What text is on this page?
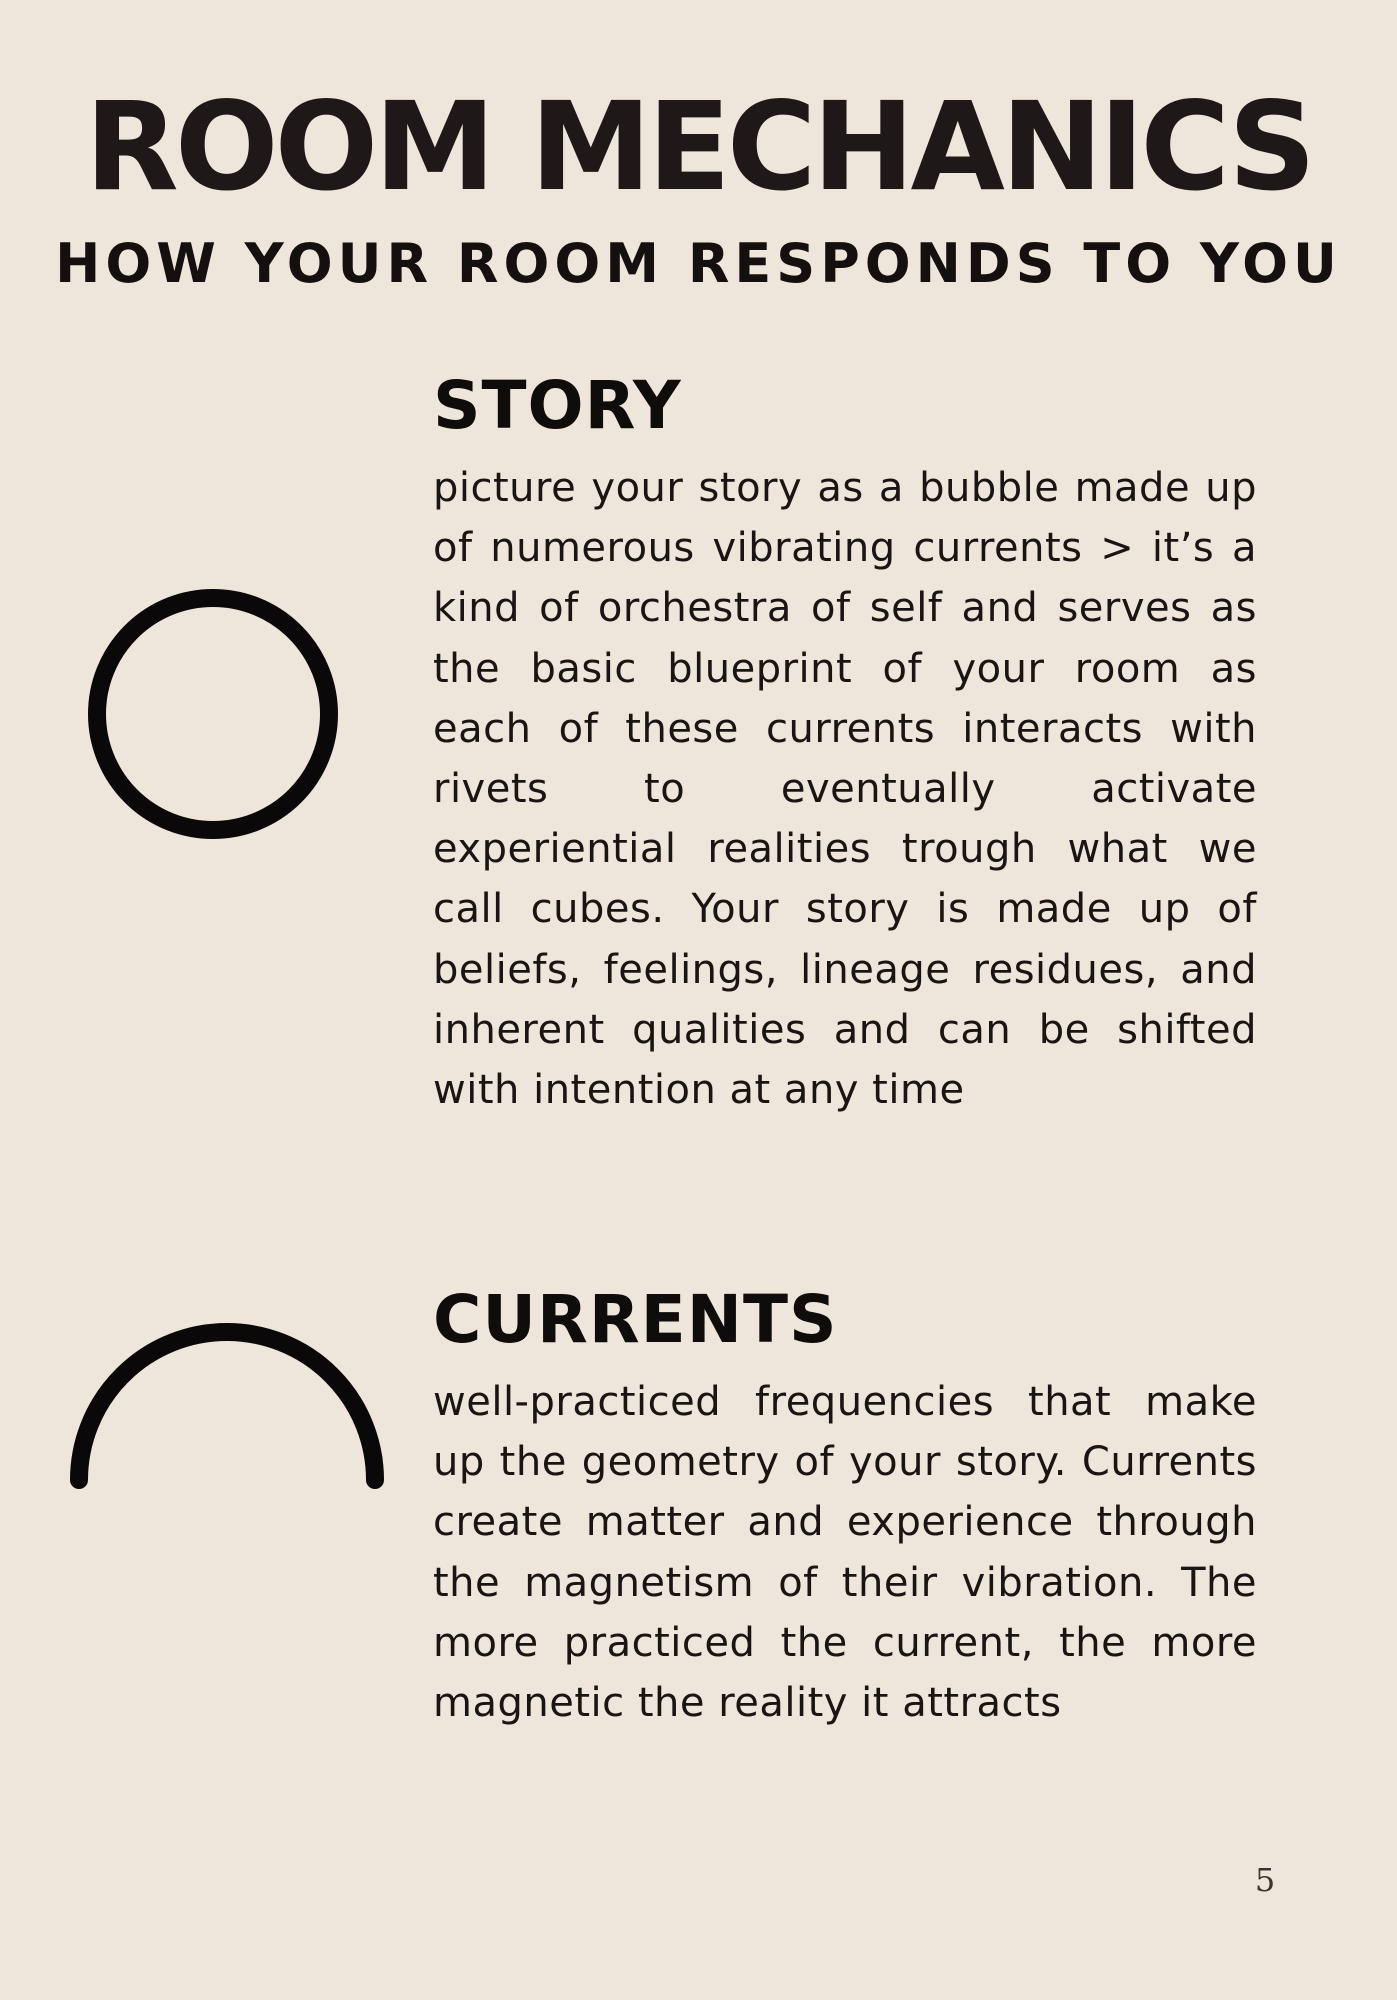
ROOM MECHANICS
HOW YOUR ROOM RESPONDS TO YOU
STORY

picture your story as a bubble made up of numerous vibrating currents > it’s a kind of orchestra of self and serves as the basic blueprint of your room as each of these currents interacts with rivets to eventually activate experiential realities trough what we call cubes. Your story is made up of beliefs, feelings, lineage residues, and inherent qualities and can be shifted with intention at any time

CURRENTS

well-practiced frequencies that make up the geometry of your story. Currents create matter and experience through the magnetism of their vibration. The more practiced the current, the more magnetic the reality it attracts

5
